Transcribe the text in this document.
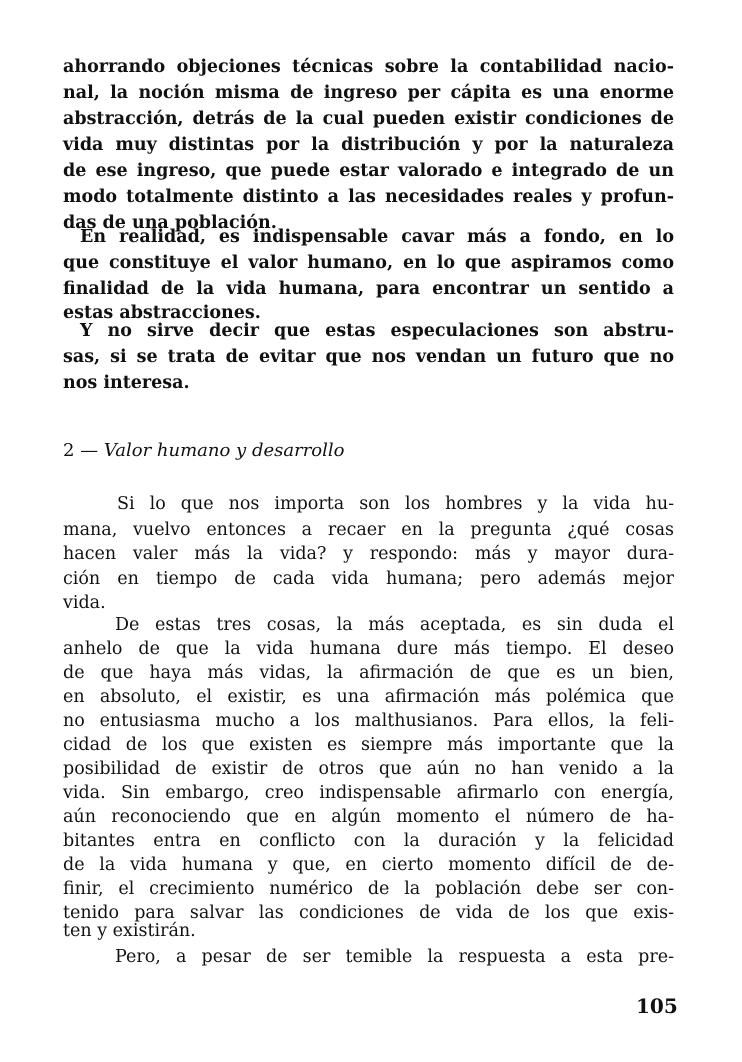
ahorrando objeciones técnicas sobre la contabilidad nacio-
nal, la noción misma de ingreso per cápita es una enorme
abstracción, detrás de la cual pueden existir condiciones de
vida muy distintas por la distribución y por la naturaleza
de ese ingreso, que puede estar valorado e integrado de un
modo totalmente distinto a las necesidades reales y profun-
das de una población.
En realidad, es indispensable cavar más a fondo, en lo
que constituye el valor humano, en lo que aspiramos como
finalidad de la vida humana, para encontrar un sentido a
estas abstracciones.
Y no sirve decir que estas especulaciones son abstru-
sas, si se trata de evitar que nos vendan un futuro que no
nos interesa.
2 — Valor humano y desarrollo
Si lo que nos importa son los hombres y la vida hu-
mana, vuelvo entonces a recaer en la pregunta ¿qué cosas
hacen valer más la vida? y respondo: más y mayor dura-
ción en tiempo de cada vida humana; pero además mejor
vida.
De estas tres cosas, la más aceptada, es sin duda el
anhelo de que la vida humana dure más tiempo. El deseo
de que haya más vidas, la afirmación de que es un bien,
en absoluto, el existir, es una afirmación más polémica que
no entusiasma mucho a los malthusianos. Para ellos, la feli-
cidad de los que existen es siempre más importante que la
posibilidad de existir de otros que aún no han venido a la
vida. Sin embargo, creo indispensable afirmarlo con energía,
aún reconociendo que en algún momento el número de ha-
bitantes entra en conflicto con la duración y la felicidad
de la vida humana y que, en cierto momento difícil de de-
finir, el crecimiento numérico de la población debe ser con-
tenido para salvar las condiciones de vida de los que exis-
ten y existirán.
Pero, a pesar de ser temible la respuesta a esta pre-
105
